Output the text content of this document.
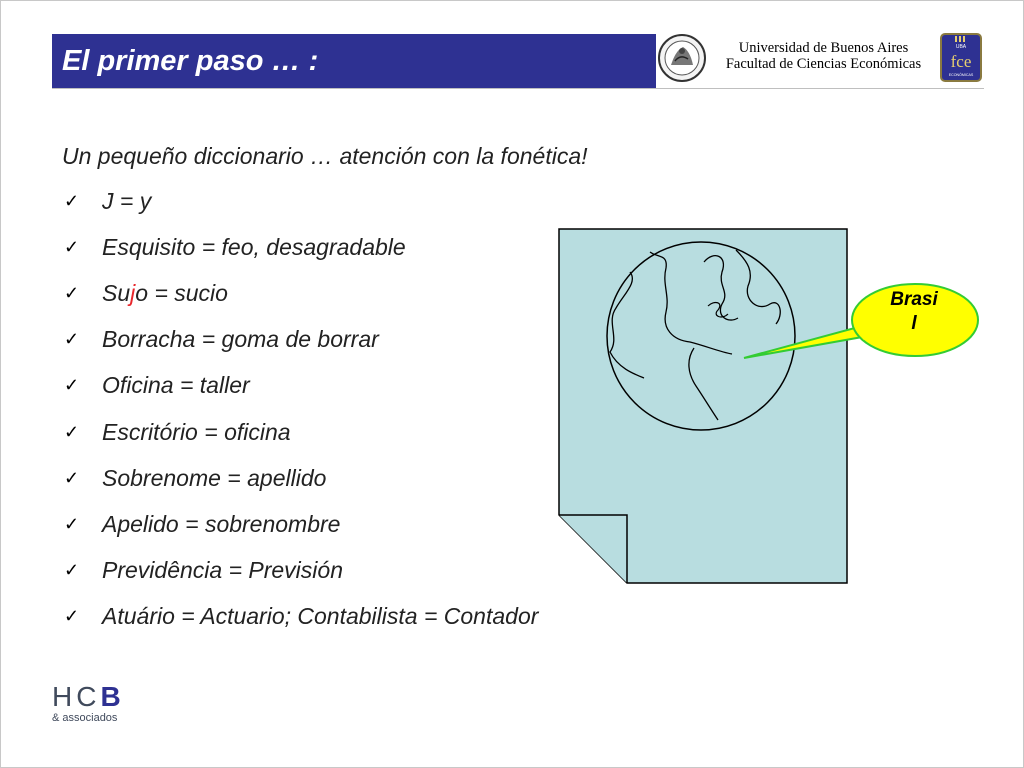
El primer paso … :	Universidad de Buenos Aires
Facultad de Ciencias Económicas
UBA
fce
ECONÓMICAS

Un pequeño diccionario … atención con la fonética!

✓ J = y
✓ Esquisito = feo, desagradable
✓ Sujo = sucio
✓ Borracha = goma de borrar
✓ Oficina = taller
✓ Escritório = oficina
✓ Sobrenome = apellido
✓ Apelido = sobrenombre
✓ Previdência = Previsión
✓ Atuário = Actuario; Contabilista = Contador
Brasi
l
HCB
& associados
